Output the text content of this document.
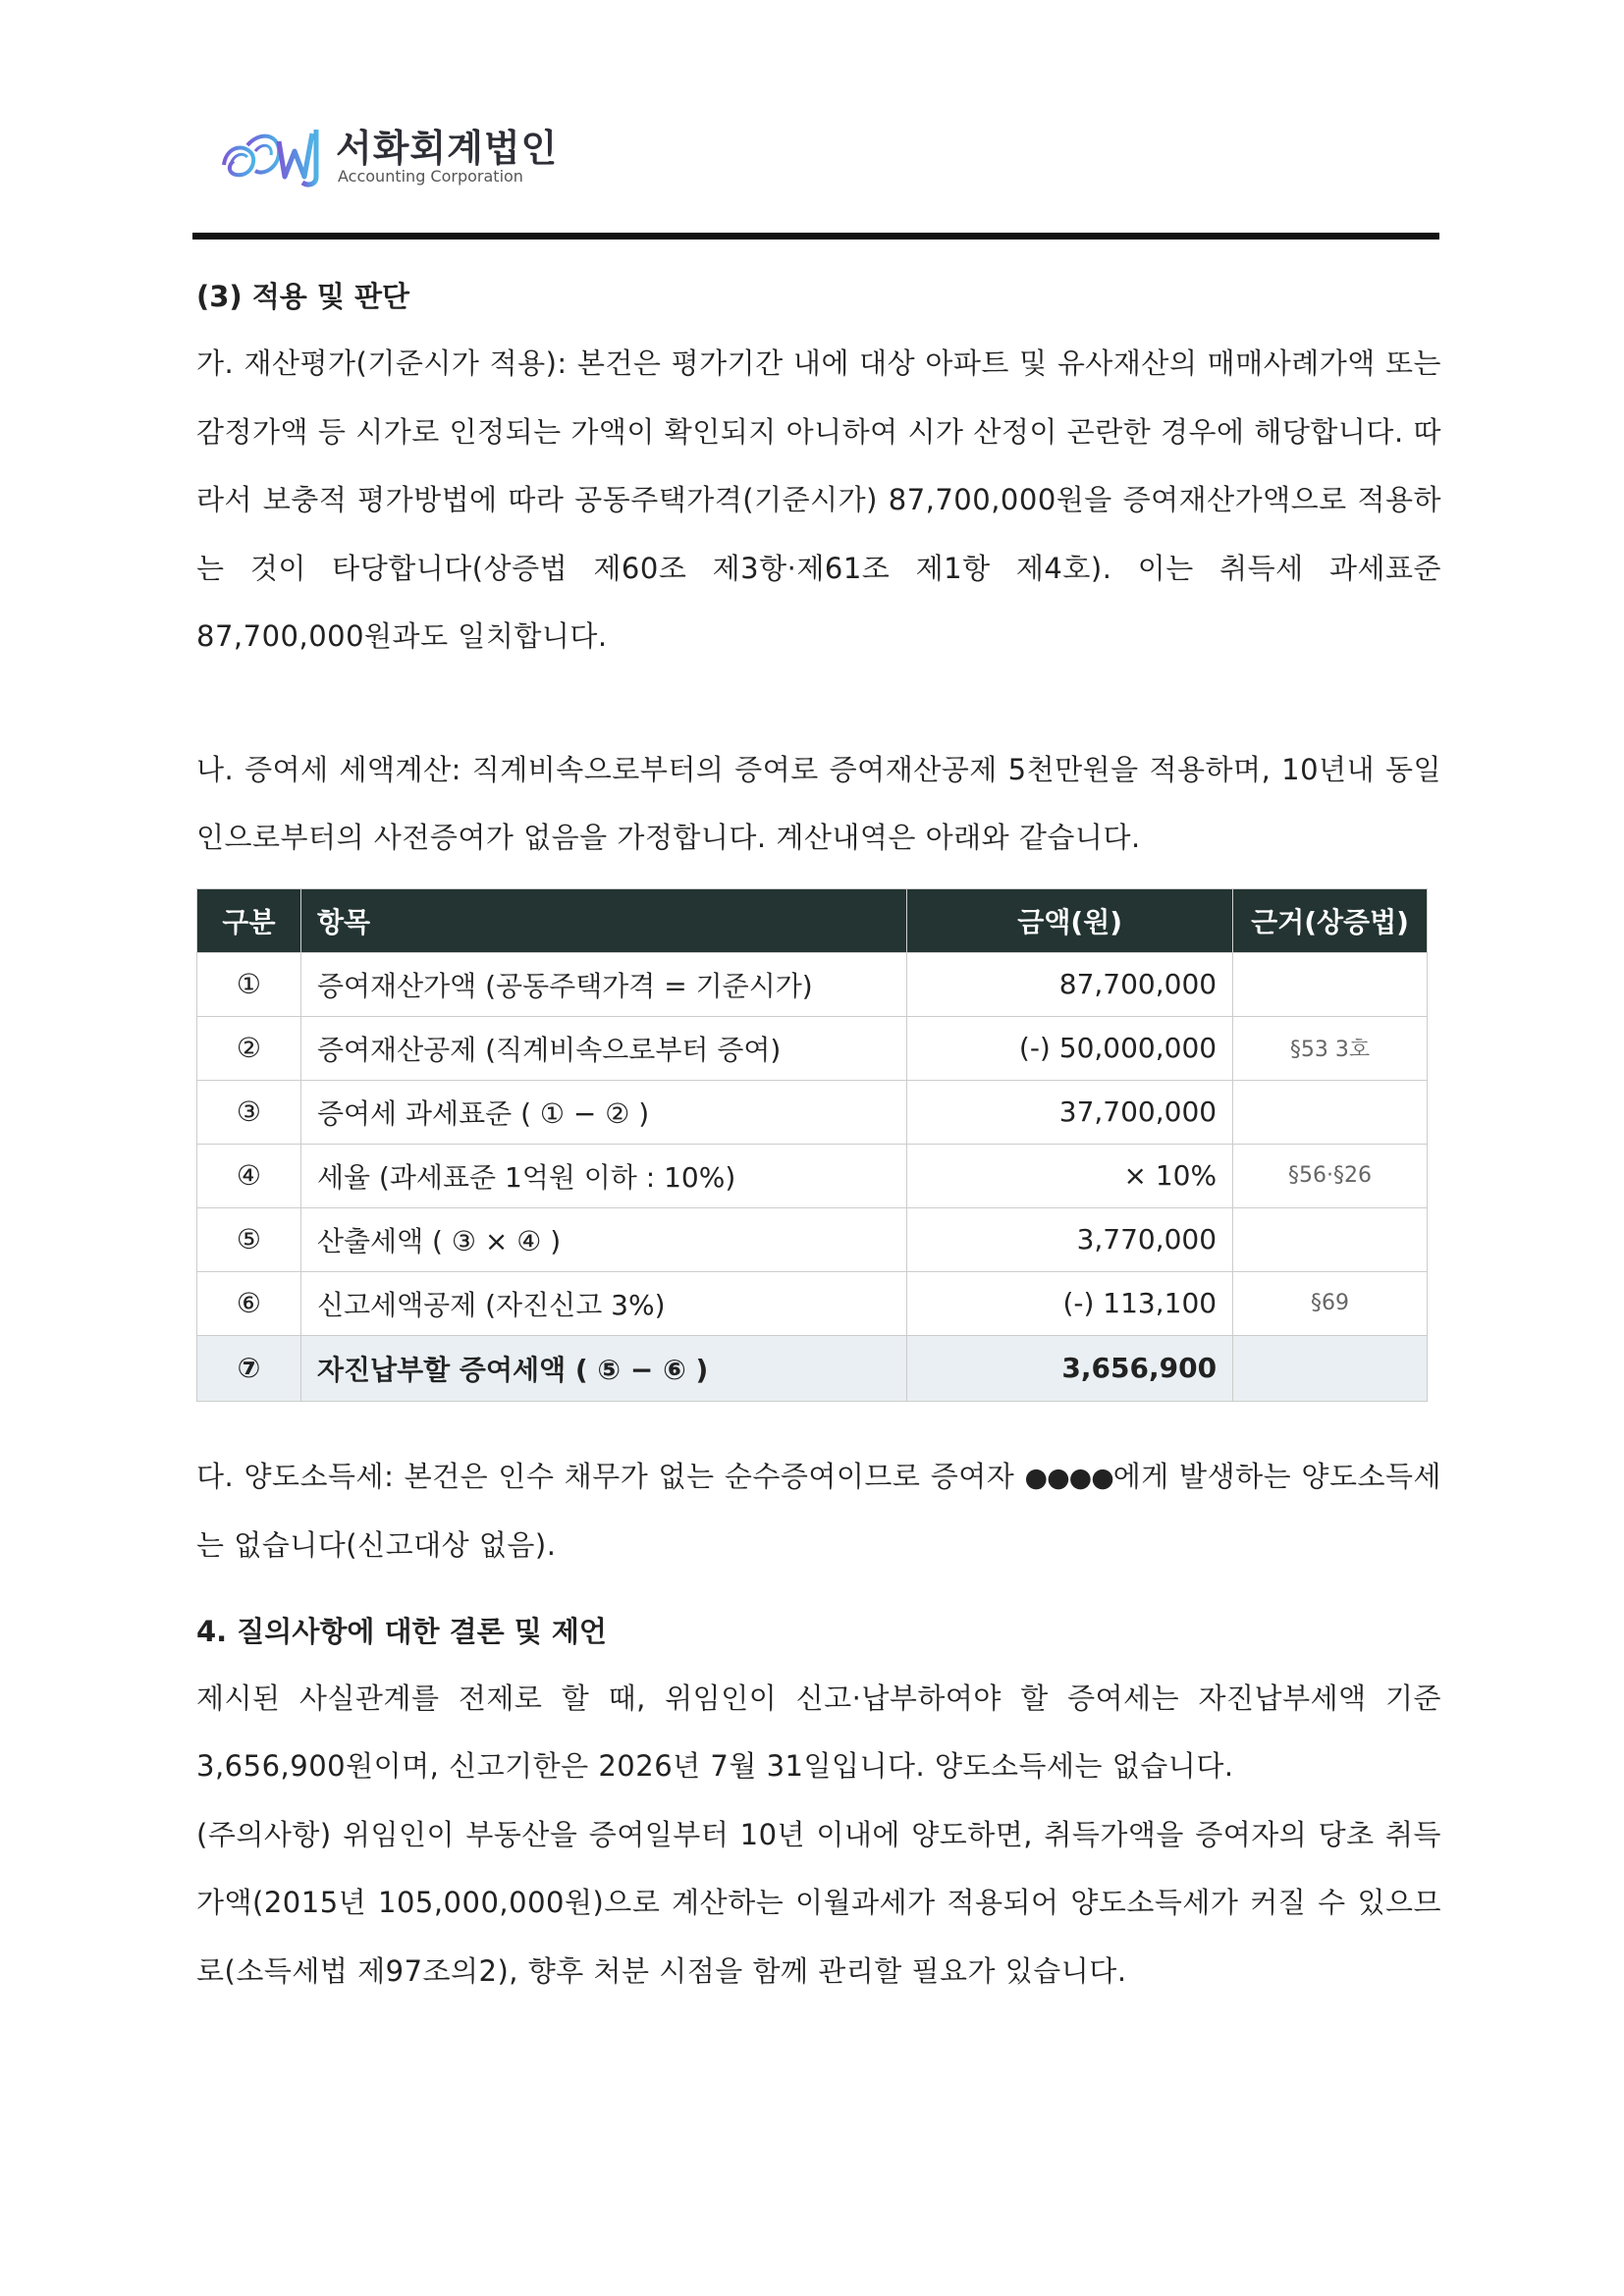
서화회계법인
Accounting Corporation

(3) 적용 및 판단

가. 재산평가(기준시가 적용): 본건은 평가기간 내에 대상 아파트 및 유사재산의 매매사례가액 또는 감정가액 등 시가로 인정되는 가액이 확인되지 아니하여 시가 산정이 곤란한 경우에 해당합니다. 따라서 보충적 평가방법에 따라 공동주택가격(기준시가) 87,700,000원을 증여재산가액으로 적용하는 것이 타당합니다(상증법 제60조 제3항·제61조 제1항 제4호). 이는 취득세 과세표준 87,700,000원과도 일치합니다.

나. 증여세 세액계산: 직계비속으로부터의 증여로 증여재산공제 5천만원을 적용하며, 10년내 동일인으로부터의 사전증여가 없음을 가정합니다. 계산내역은 아래와 같습니다.

구분	항목	금액(원)	근거(상증법)
①	증여재산가액 (공동주택가격 = 기준시가)	87,700,000	
②	증여재산공제 (직계비속으로부터 증여)	(-) 50,000,000	§53 3호
③	증여세 과세표준 ( ① − ② )	37,700,000	
④	세율 (과세표준 1억원 이하 : 10%)	× 10%	§56·§26
⑤	산출세액 ( ③ × ④ )	3,770,000	
⑥	신고세액공제 (자진신고 3%)	(-) 113,100	§69
⑦	자진납부할 증여세액 ( ⑤ − ⑥ )	3,656,900	

다. 양도소득세: 본건은 인수 채무가 없는 순수증여이므로 증여자 ●●●●에게 발생하는 양도소득세는 없습니다(신고대상 없음).

4. 질의사항에 대한 결론 및 제언

제시된 사실관계를 전제로 할 때, 위임인이 신고·납부하여야 할 증여세는 자진납부세액 기준 3,656,900원이며, 신고기한은 2026년 7월 31일입니다. 양도소득세는 없습니다.

(주의사항) 위임인이 부동산을 증여일부터 10년 이내에 양도하면, 취득가액을 증여자의 당초 취득가액(2015년 105,000,000원)으로 계산하는 이월과세가 적용되어 양도소득세가 커질 수 있으므로(소득세법 제97조의2), 향후 처분 시점을 함께 관리할 필요가 있습니다.
